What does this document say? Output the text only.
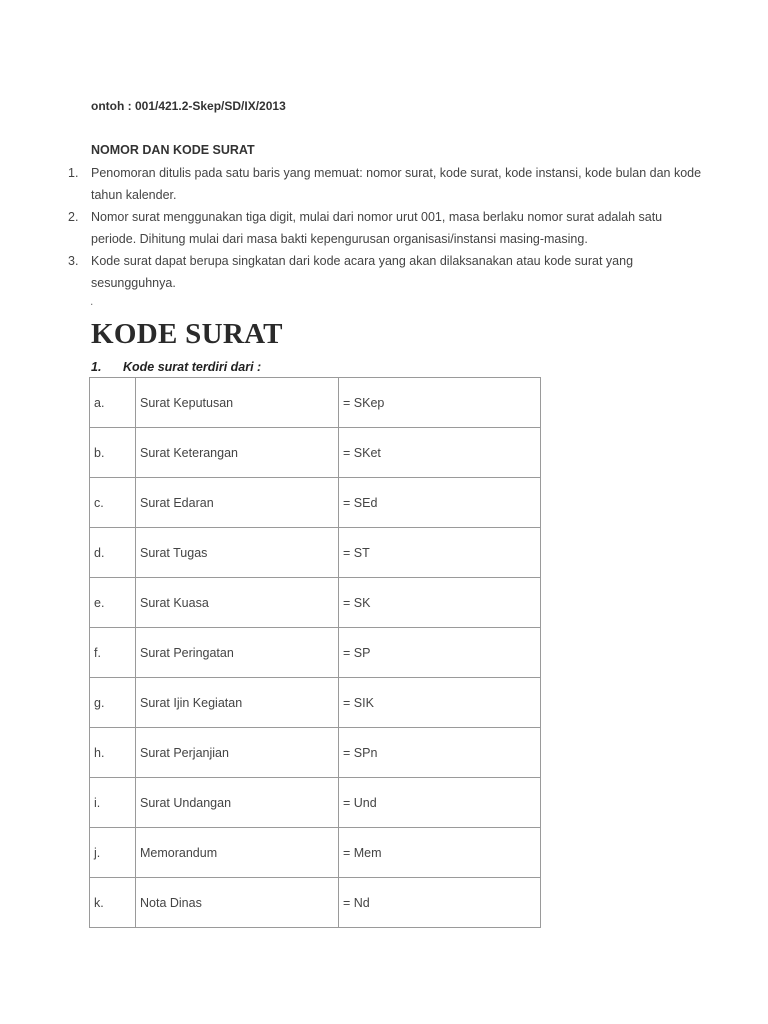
ontoh : 001/421.2-Skep/SD/IX/2013
NOMOR DAN KODE SURAT
1. Penomoran ditulis pada satu baris yang memuat: nomor surat, kode surat, kode instansi, kode bulan dan kode tahun kalender.
2. Nomor surat menggunakan tiga digit, mulai dari nomor urut 001, masa berlaku nomor surat adalah satu periode. Dihitung mulai dari masa bakti kepengurusan organisasi/instansi masing-masing.
3. Kode surat dapat berupa singkatan dari kode acara yang akan dilaksanakan atau kode surat yang sesungguhnya.
.
KODE SURAT
1. Kode surat terdiri dari :
a.	Surat Keputusan	= SKep
b.	Surat Keterangan	= SKet
c.	Surat Edaran	= SEd
d.	Surat Tugas	= ST
e.	Surat Kuasa	= SK
f.	Surat Peringatan	= SP
g.	Surat Ijin Kegiatan	= SIK
h.	Surat Perjanjian	= SPn
i.	Surat Undangan	= Und
j.	Memorandum	= Mem
k.	Nota Dinas	= Nd
